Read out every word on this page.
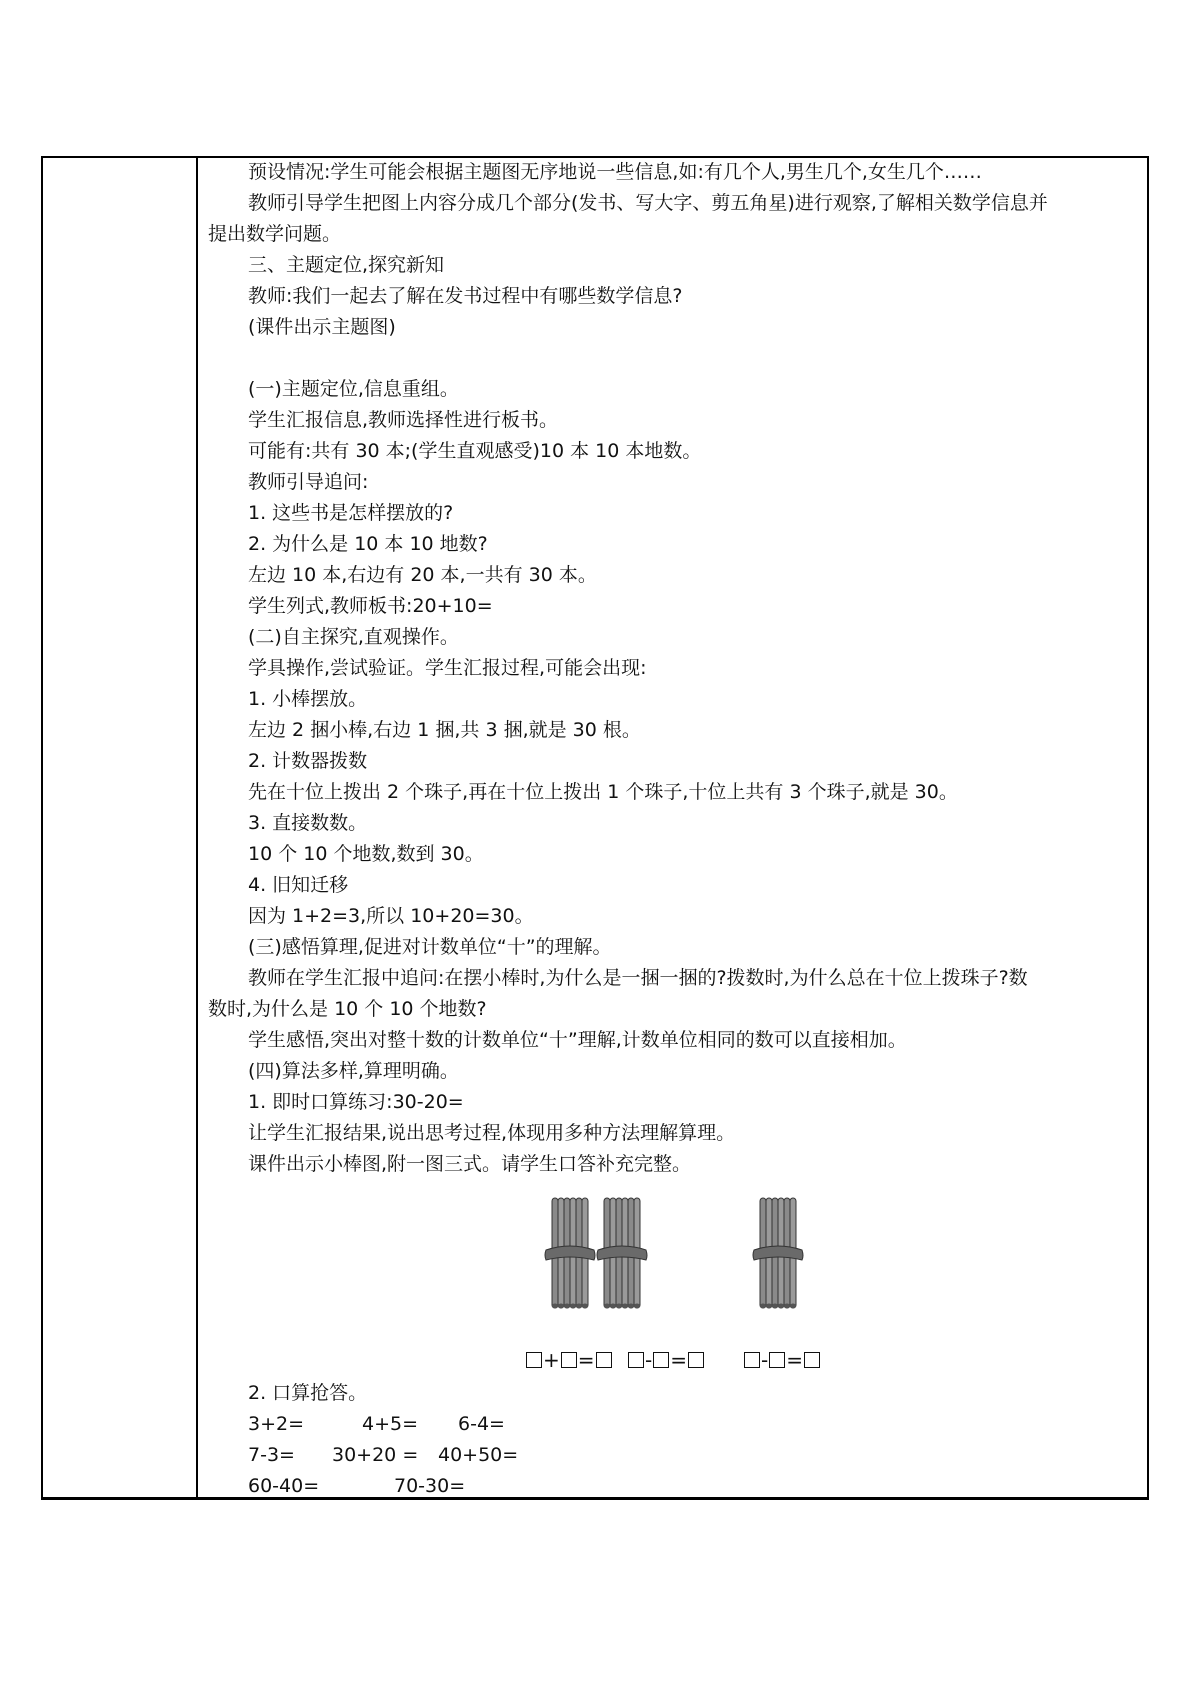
预设情况:学生可能会根据主题图无序地说一些信息,如:有几个人,男生几个,女生几个……
教师引导学生把图上内容分成几个部分(发书、写大字、剪五角星)进行观察,了解相关数学信息并
提出数学问题。
三、主题定位,探究新知
教师:我们一起去了解在发书过程中有哪些数学信息?
(课件出示主题图)
(一)主题定位,信息重组。
学生汇报信息,教师选择性进行板书。
可能有:共有 30 本;(学生直观感受)10 本 10 本地数。
教师引导追问:
1. 这些书是怎样摆放的?
2. 为什么是 10 本 10 地数?
左边 10 本,右边有 20 本,一共有 30 本。
学生列式,教师板书:20+10=
(二)自主探究,直观操作。
学具操作,尝试验证。学生汇报过程,可能会出现:
1. 小棒摆放。
左边 2 捆小棒,右边 1 捆,共 3 捆,就是 30 根。
2. 计数器拨数
先在十位上拨出 2 个珠子,再在十位上拨出 1 个珠子,十位上共有 3 个珠子,就是 30。
3. 直接数数。
10 个 10 个地数,数到 30。
4. 旧知迁移
因为 1+2=3,所以 10+20=30。
(三)感悟算理,促进对计数单位“十”的理解。
教师在学生汇报中追问:在摆小棒时,为什么是一捆一捆的?拨数时,为什么总在十位上拨珠子?数
数时,为什么是 10 个 10 个地数?
学生感悟,突出对整十数的计数单位“十”理解,计数单位相同的数可以直接相加。
(四)算法多样,算理明确。
1. 即时口算练习:30-20=
让学生汇报结果,说出思考过程,体现用多种方法理解算理。
课件出示小棒图,附一图三式。请学生口答补充完整。
+ =	- =	- =
2. 口算抢答。
3+2=	4+5= 6-4=
7-3= 30+20 = 40+50=
60-40=	70-30=
